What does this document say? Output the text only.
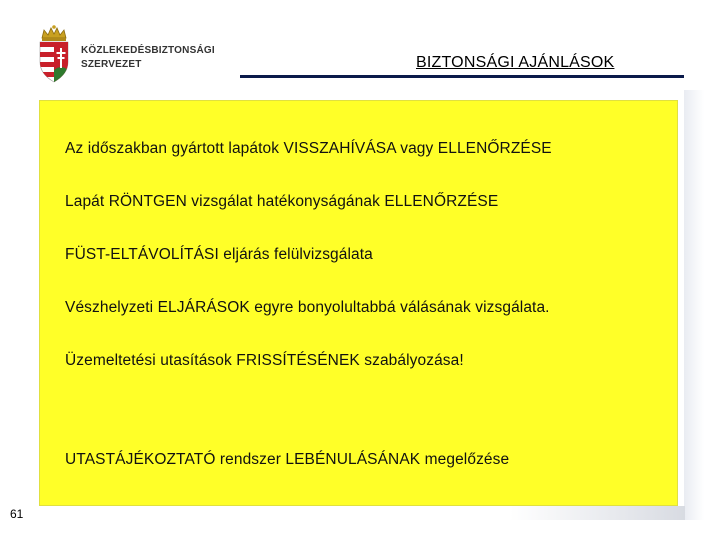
KÖZLEKEDÉSBIZTONSÁGI
SZERVEZET	BIZTONSÁGI AJÁNLÁSOK
Az időszakban gyártott lapátok VISSZAHÍVÁSA vagy ELLENŐRZÉSE
Lapát RÖNTGEN vizsgálat hatékonyságának ELLENŐRZÉSE
FÜST-ELTÁVOLÍTÁSI eljárás felülvizsgálata
Vészhelyzeti ELJÁRÁSOK egyre bonyolultabbá válásának vizsgálata.
Üzemeltetési utasítások FRISSÍTÉSÉNEK szabályozása!
UTASTÁJÉKOZTATÓ rendszer LEBÉNULÁSÁNAK megelőzése
61
